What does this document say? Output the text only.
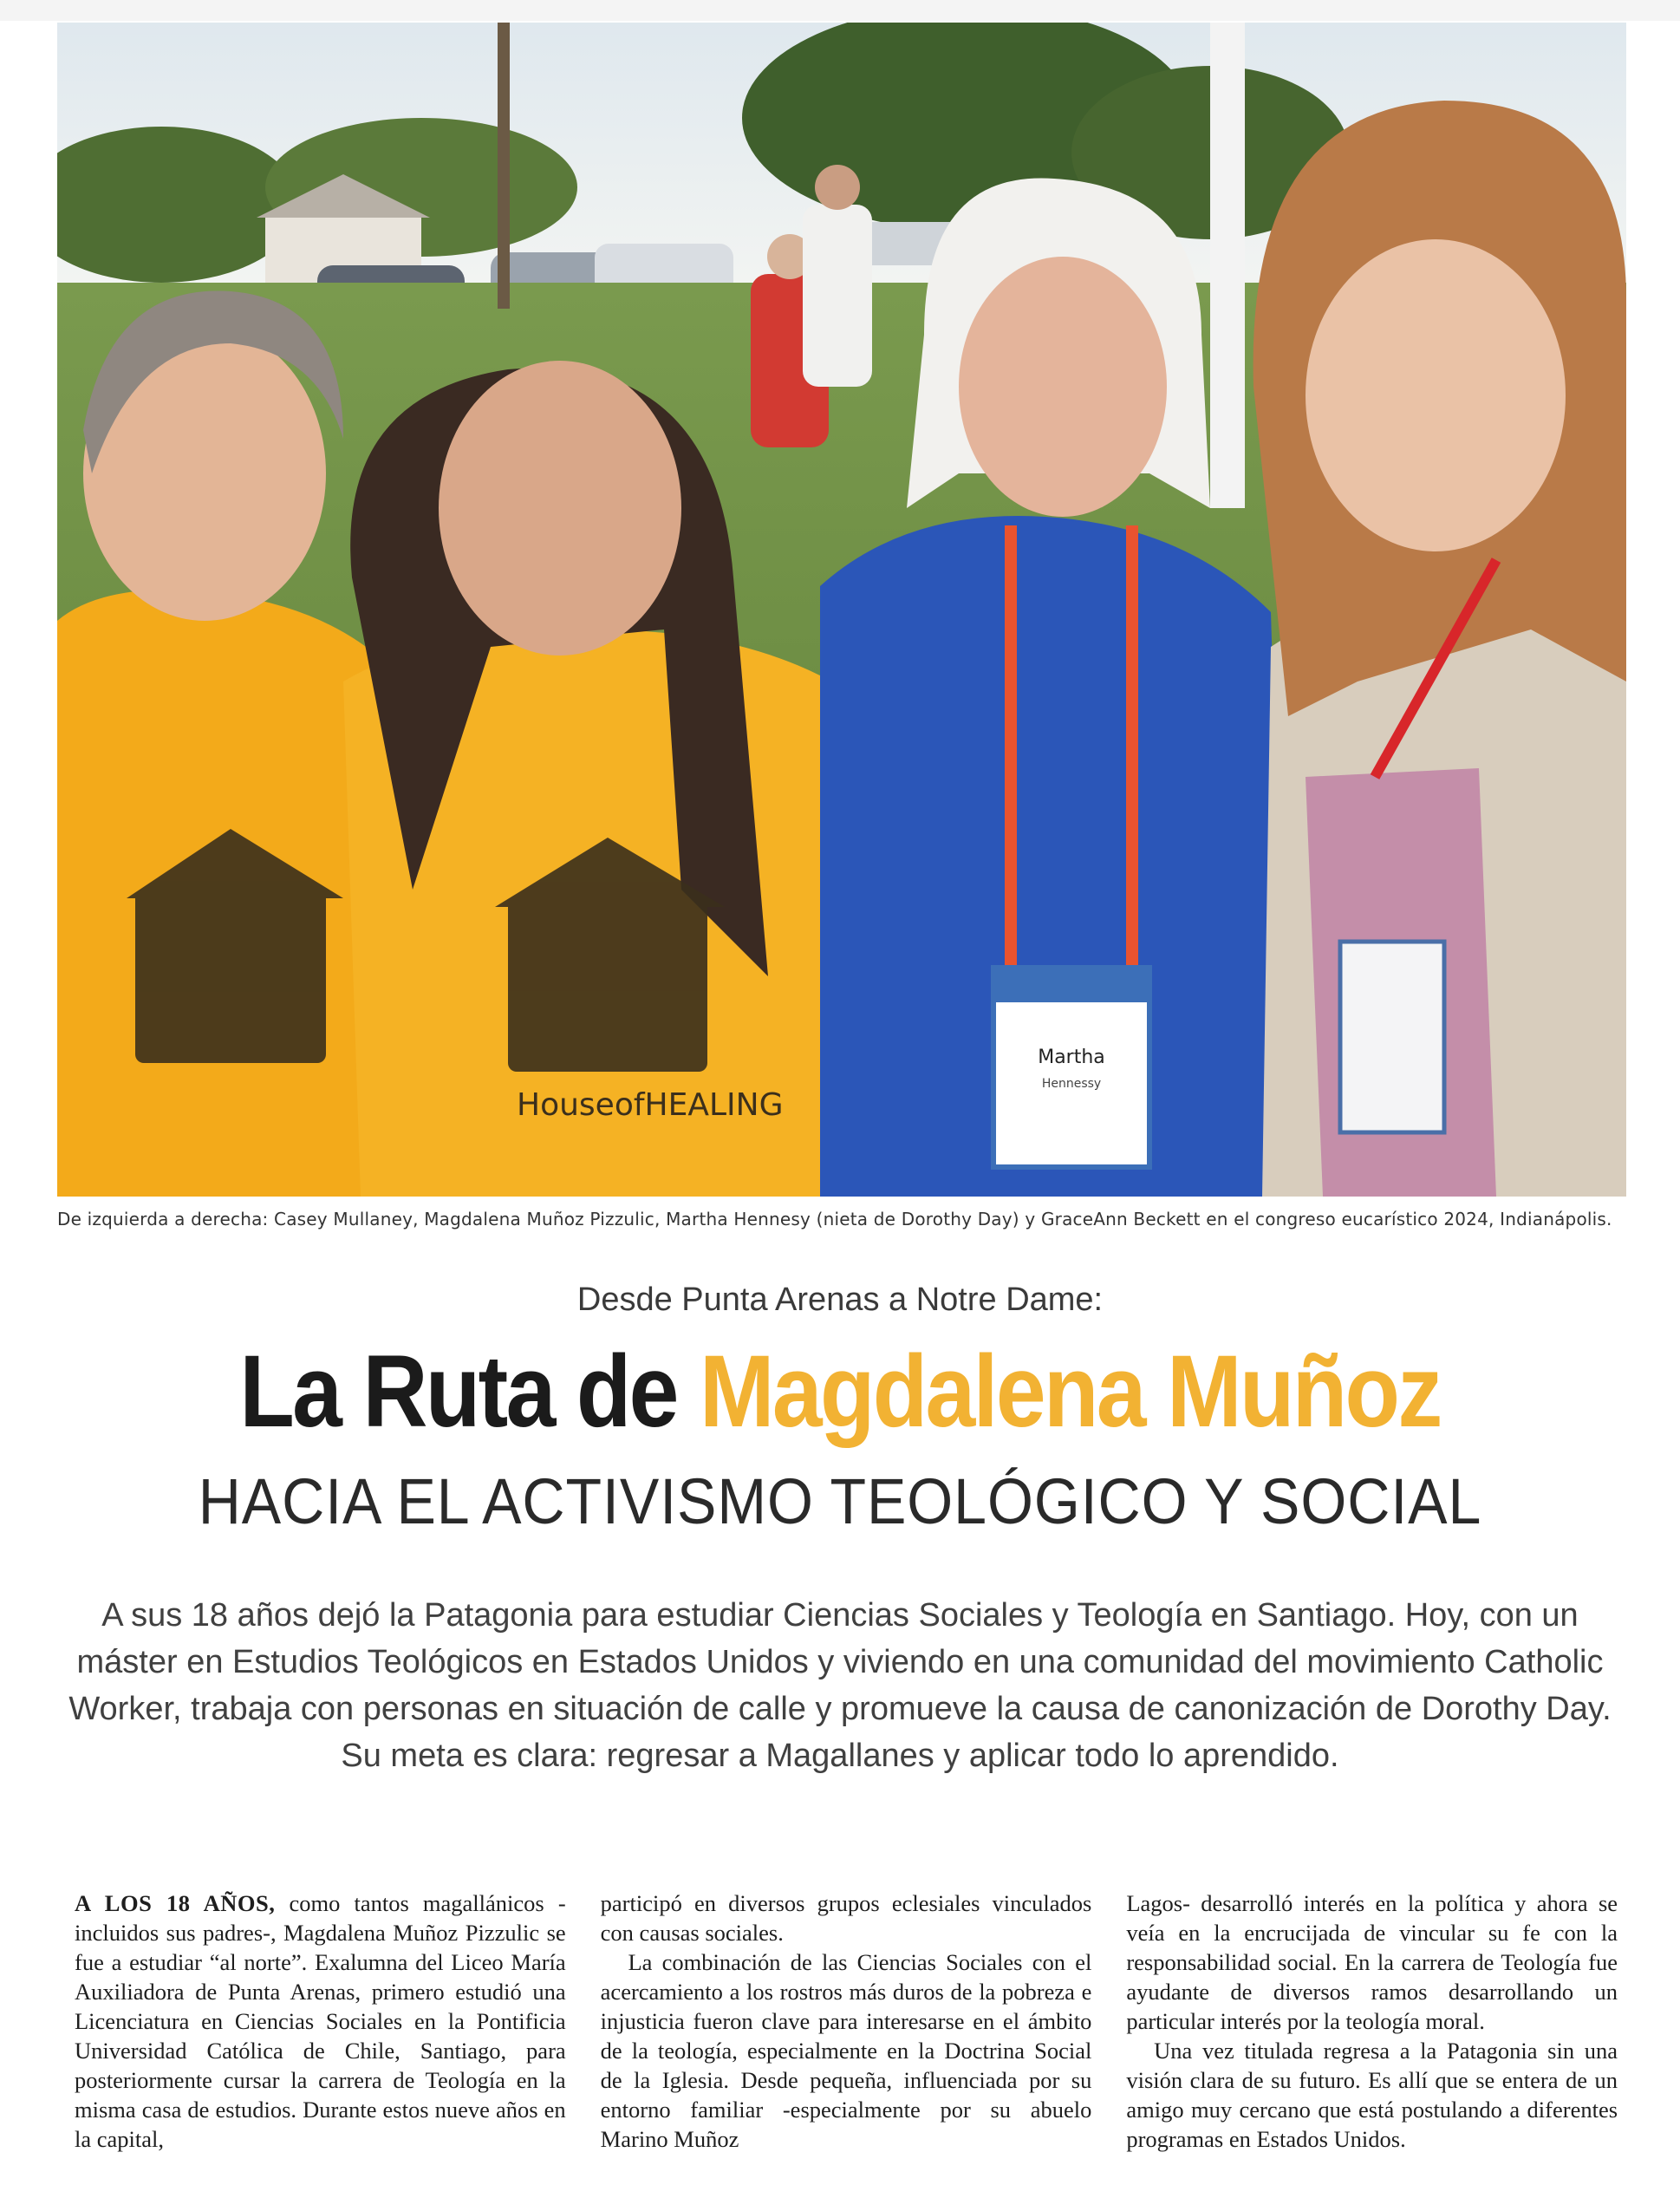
HouseofHEALING
Martha
Hennessy
De izquierda a derecha: Casey Mullaney, Magdalena Muñoz Pizzulic, Martha Hennesy (nieta de Dorothy Day) y GraceAnn Beckett en el congreso eucarístico 2024, Indianápolis.
Desde Punta Arenas a Notre Dame:
La Ruta de Magdalena Muñoz
HACIA EL ACTIVISMO TEOLÓGICO Y SOCIAL
A sus 18 años dejó la Patagonia para estudiar Ciencias Sociales y Teología en Santiago. Hoy, con un máster en Estudios Teológicos en Estados Unidos y viviendo en una comunidad del movimiento Catholic Worker, trabaja con personas en situación de calle y promueve la causa de canonización de Dorothy Day. Su meta es clara: regresar a Magallanes y aplicar todo lo aprendido.

A LOS 18 AÑOS, como tantos magallánicos -incluidos sus padres-, Magdalena Muñoz Pizzulic se fue a estudiar “al norte”. Exalumna del Liceo María Auxiliadora de Punta Arenas, primero estudió una Licenciatura en Ciencias Sociales en la Pontificia Universidad Católica de Chile, Santiago, para posteriormente cursar la carrera de Teología en la misma casa de estudios. Durante estos nueve años en la capital,

participó en diversos grupos eclesiales vinculados con causas sociales.

La combinación de las Ciencias Sociales con el acercamiento a los rostros más duros de la pobreza e injusticia fueron clave para interesarse en el ámbito de la teología, especialmente en la Doctrina Social de la Iglesia. Desde pequeña, influenciada por su entorno familiar -especialmente por su abuelo Marino Muñoz

Lagos- desarrolló interés en la política y ahora se veía en la encrucijada de vincular su fe con la responsabilidad social. En la carrera de Teología fue ayudante de diversos ramos desarrollando un particular interés por la teología moral.

Una vez titulada regresa a la Patagonia sin una visión clara de su futuro. Es allí que se entera de un amigo muy cercano que está postulando a diferentes programas en Estados Unidos.
